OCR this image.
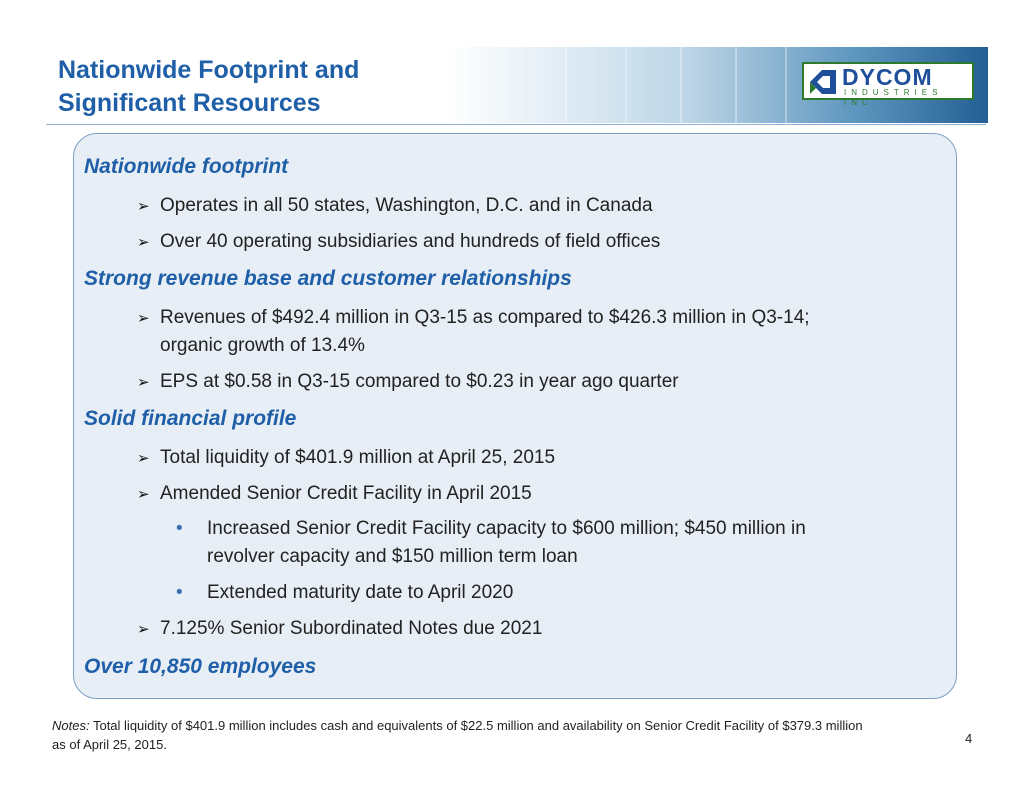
Nationwide Footprint and
Significant Resources
DYCOM
INDUSTRIES INC.
Nationwide footprint
➢ Operates in all 50 states, Washington, D.C. and in Canada
➢ Over 40 operating subsidiaries and hundreds of field offices
Strong revenue base and customer relationships
➢ Revenues of $492.4 million in Q3-15 as compared to $426.3 million in Q3-14;
organic growth of 13.4%
➢ EPS at $0.58 in Q3-15 compared to $0.23 in year ago quarter
Solid financial profile
➢ Total liquidity of $401.9 million at April 25, 2015
➢ Amended Senior Credit Facility in April 2015
• Increased Senior Credit Facility capacity to $600 million; $450 million in
revolver capacity and $150 million term loan
• Extended maturity date to April 2020
➢ 7.125% Senior Subordinated Notes due 2021
Over 10,850 employees
Notes: Total liquidity of $401.9 million includes cash and equivalents of $22.5 million and availability on Senior Credit Facility of $379.3 million as of April 25, 2015.	4
